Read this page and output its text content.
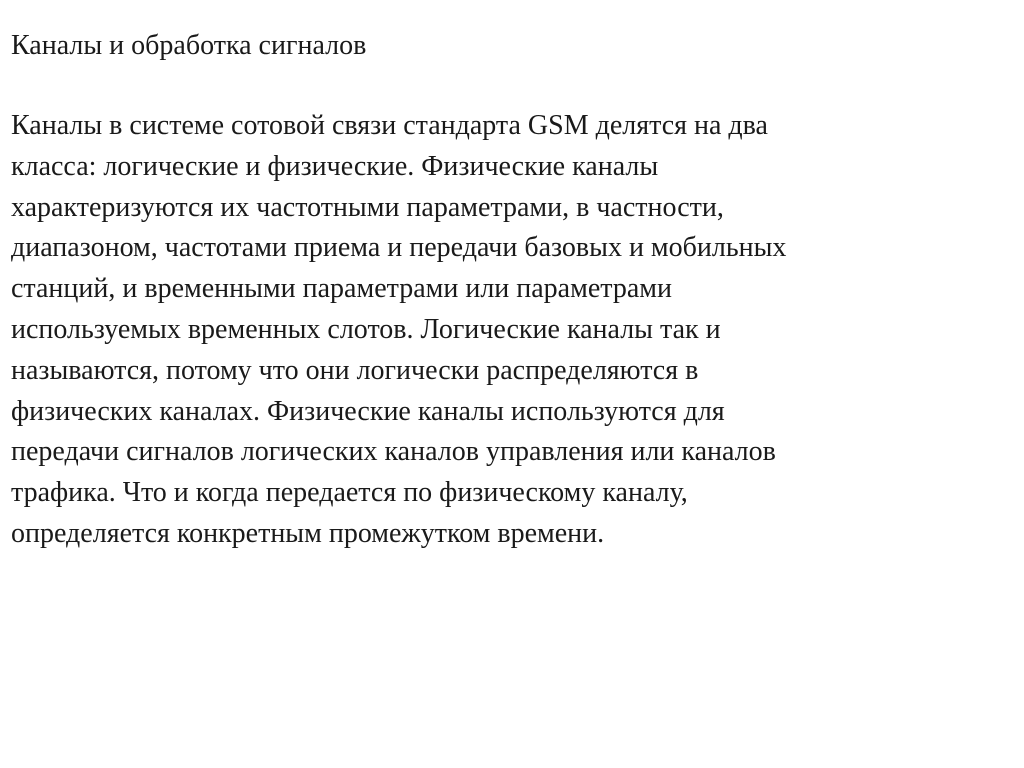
Каналы и обработка сигналов
Каналы в системе сотовой связи стандарта GSM делятся на два
класса: логические и физические. Физические каналы
характеризуются их частотными параметрами, в частности,
диапазоном, частотами приема и передачи базовых и мобильных
станций, и временными параметрами или параметрами
используемых временных слотов. Логические каналы так и
называются, потому что они логически распределяются в
физических каналах. Физические каналы используются для
передачи сигналов логических каналов управления или каналов
трафика. Что и когда передается по физическому каналу,
определяется конкретным промежутком времени.
